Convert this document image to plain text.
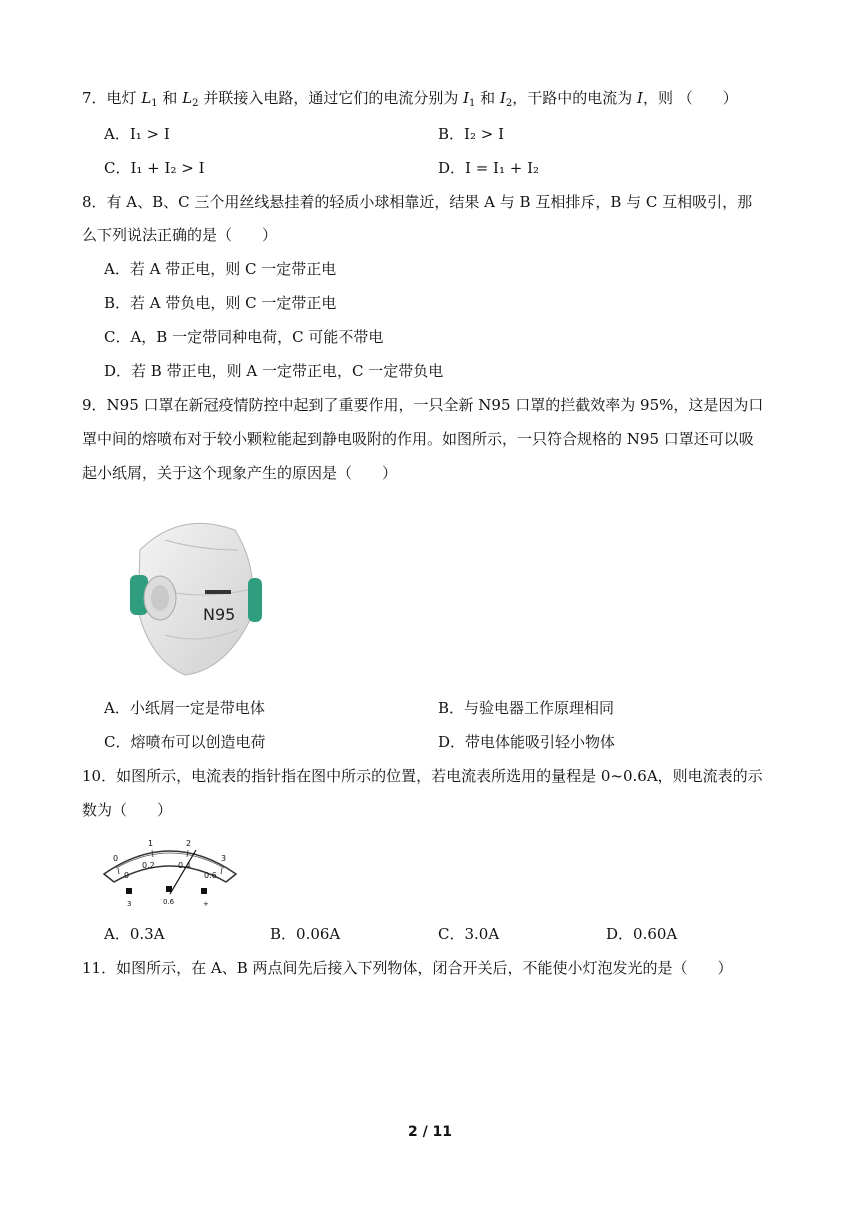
7．电灯 $L_1$ 和 $L_2$ 并联接入电路，通过它们的电流分别为 $I_1$ 和 $I_2$，干路中的电流为 I，则 （　　）
A．I₁ > I	B．I₂ > I
C．I₁ + I₂ > I	D．I = I₁ + I₂
8．有 A、B、C 三个用丝线悬挂着的轻质小球相靠近，结果 A 与 B 互相排斥，B 与 C 互相吸引，那
么下列说法正确的是（　　）
A．若 A 带正电，则 C 一定带正电
B．若 A 带负电，则 C 一定带正电
C．A，B 一定带同种电荷，C 可能不带电
D．若 B 带正电，则 A 一定带正电，C 一定带负电
9．N95 口罩在新冠疫情防控中起到了重要作用，一只全新 N95 口罩的拦截效率为 95%，这是因为口
罩中间的熔喷布对于较小颗粒能起到静电吸附的作用。如图所示，一只符合规格的 N95 口罩还可以吸
起小纸屑，关于这个现象产生的原因是（　　）
N95
A．小纸屑一定是带电体	B．与验电器工作原理相同
C．熔喷布可以创造电荷	D．带电体能吸引轻小物体
10．如图所示，电流表的指针指在图中所示的位置，若电流表所选用的量程是 0~0.6A，则电流表的示
数为（　　）
0
1	2
3
0
0.2	0.4
0.6
3	0.6	+
A．0.3A	B．0.06A	C．3.0A	D．0.60A
11．如图所示，在 A、B 两点间先后接入下列物体，闭合开关后，不能使小灯泡发光的是（　　）
2 / 11
